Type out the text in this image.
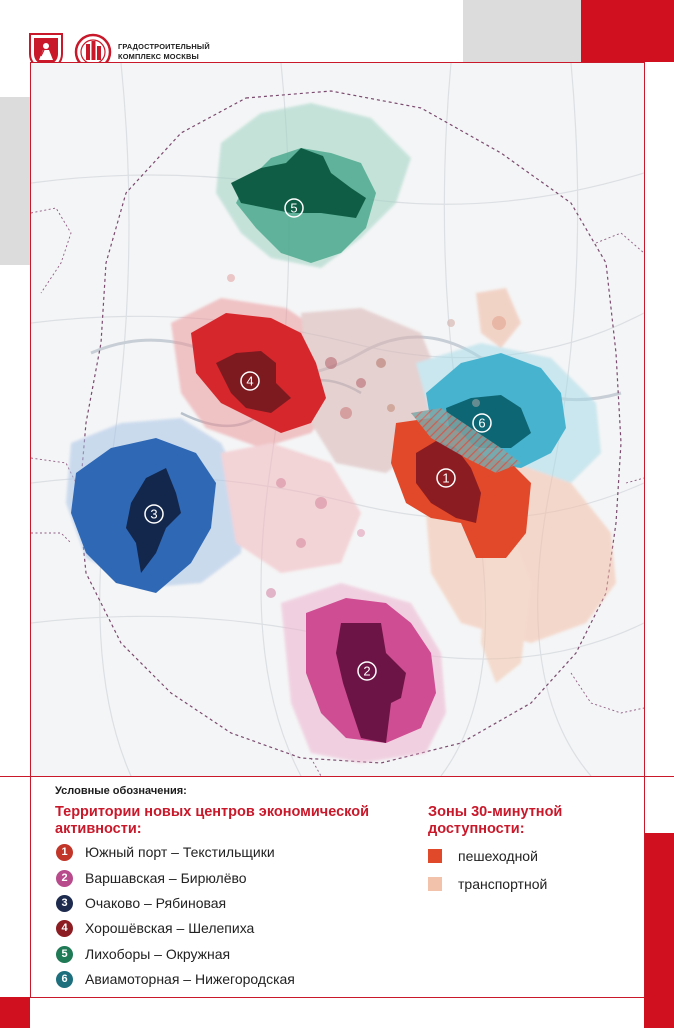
ГРАДОСТРОИТЕЛЬНЫЙ
КОМПЛЕКС МОСКВЫ
5
4
6
1
3
2
Условные обозначения:
Территории новых центров экономической активности:
Зоны 30-минутной доступности:
1	Южный порт – Текстильщики
2	Варшавская – Бирюлёво
3	Очаково – Рябиновая
4	Хорошёвская – Шелепиха
5	Лихоборы – Окружная
6	Авиамоторная – Нижегородская
пешеходной
транспортной
